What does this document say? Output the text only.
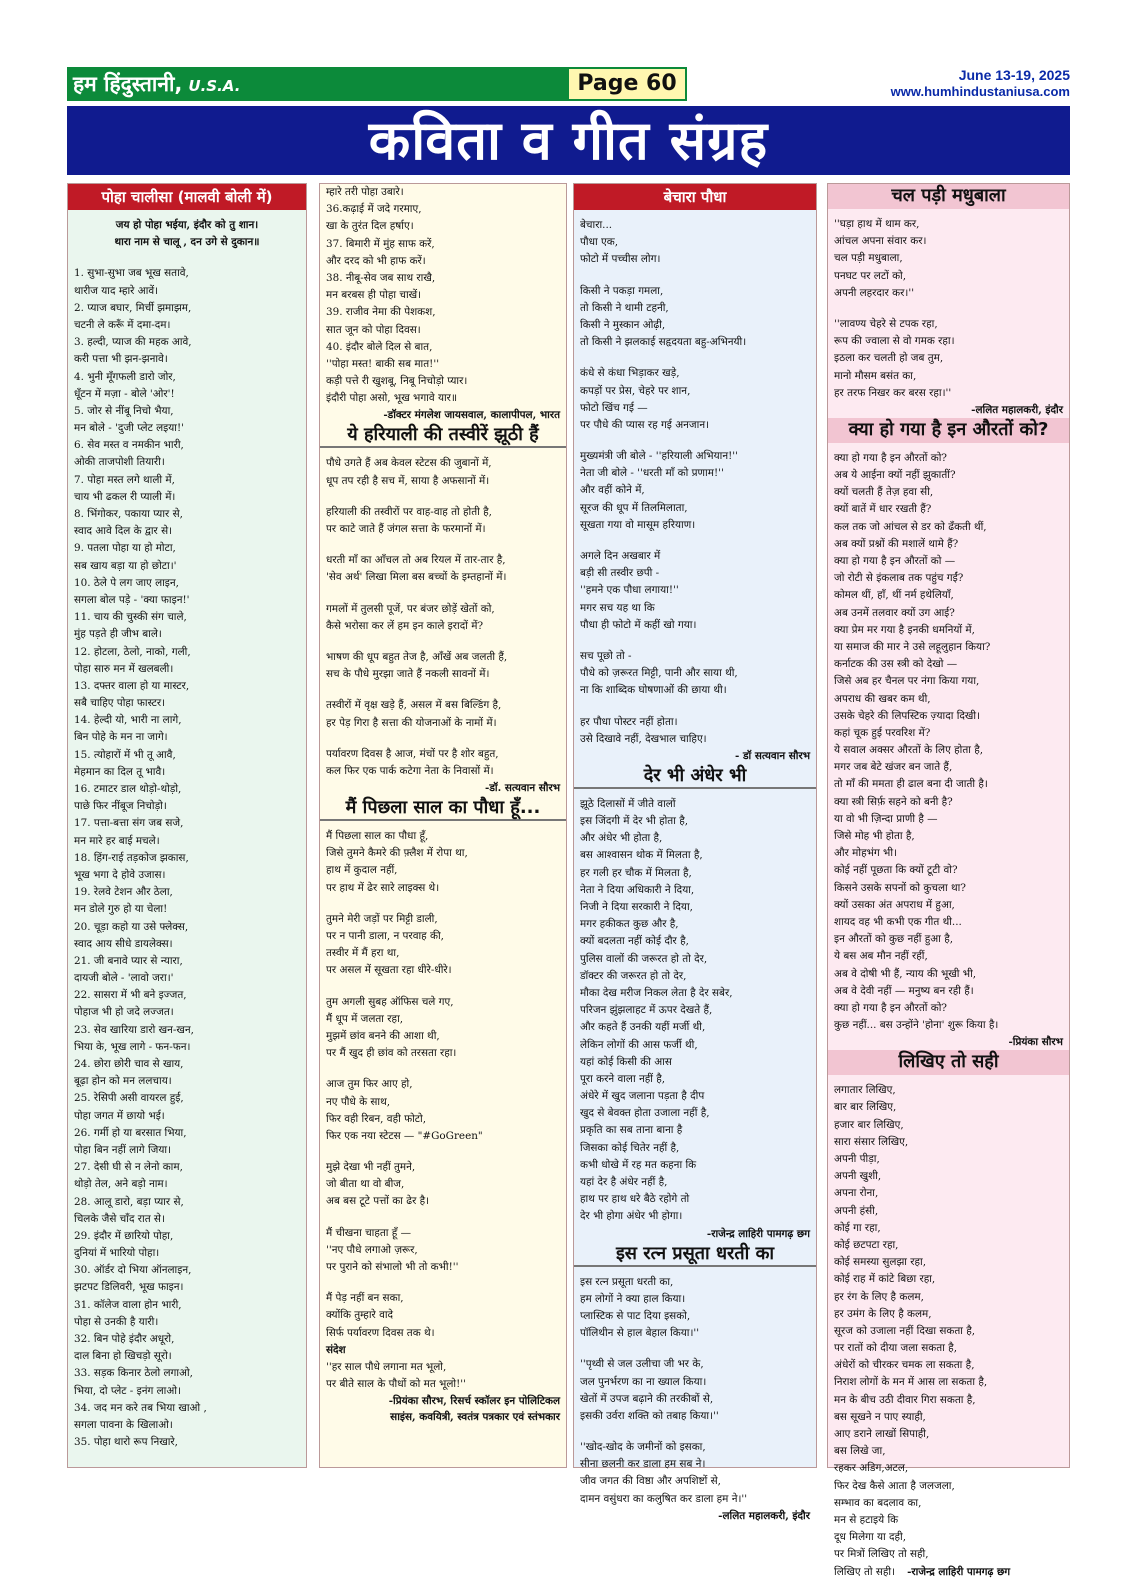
हम हिंदुस्तानी, U.S.A.	Page 60	June 13-19, 2025
www.humhindustaniusa.com
कविता व गीत संग्रह
पोहा चालीसा (मालवी बोली में)
जय हो पोहा भईया, इंदौर को तु शान।
थारा नाम से चालू , दन उगे से दुकान॥
1. सुभा-सुभा जब भूख सतावे,
थारीज याद म्हारे आवें।
2. प्याज बघार, मिर्ची झमाझम,
चटनी ले करूँ में दमा-दम।
3. हल्दी, प्याज की महक आवे,
करी पत्ता भी झन-झनावे।
4. भुनी मूँगफली डारो जोर,
धूँटन में मज़ा - बोले 'ओर'!
5. जोर से नींबू निचो भैया,
मन बोले - 'दुजी प्लेट लइया!'
6. सेव मस्त व नमकीन भारी,
ओकी ताजपोशी तियारी।
7. पोहा मस्त लगे थाली में,
चाय भी ढकल री प्याली में।
8. भिंगोकर, पकाया प्यार से,
स्वाद आवे दिल के द्वार से।
9. पतला पोहा या हो मोटा,
सब खाय बड़ा या हो छोटा।'
10. ठेले पे लग जाए लाइन,
सगला बोल पड़े - 'क्या फाइन!'
11. चाय की चुस्की संग चाले,
मुंह पड़ते ही जीभ बाले।
12. होटला, ठेलो, नाको, गली,
पोहा सारु मन में खलबली।
13. दफ्तर वाला हो या मास्टर,
सबै चाहिए पोहा फास्टर।
14. हेल्दी यो, भारी ना लागे,
बिन पोहे के मन ना जागे।
15. त्योहारों में भी तू आवै,
मेहमान का दिल तू भावै।
16. टमाटर डाल थोड़ो-थोड़ो,
पाछे फिर नींबूज निचोड़ो।
17. पत्ता-बत्ता संग जब सजे,
मन मारे हर बाई मचले।
18. हिंग-राई तड़कोज झकास,
भूख भगा दे होवे उजास।
19. रेलवे टेशन और ठेला,
मन डोले गुरु हो या चेला!
20. चूड़ा कहो या उसे फ्लेक्स,
स्वाद आय सीधे डायलेक्स।
21. जी बनावे प्यार से न्यारा,
दायजी बोले - 'लावो जरा।'
22. सासरा में भी बने इज्जत,
पोहाज भी हो जदे लज्जत।
23. सेव खारिया डारो खन-खन,
भिया के, भूख लागे - फन-फन।
24. छोरा छोरी चाव से खाय,
बूढ़ा होन को मन ललचाय।
25. रेसिपी असी वायरल हुई,
पोहा जगत में छायो भई।
26. गर्मी हो या बरसात भिया,
पोहा बिन नहीं लागे जिया।
27. देसी घी से न लेनो काम,
थोड़ो तेल, अने बड़ो नाम।
28. आलू डारो, बड़ा प्यार से,
चिलके जैसे चाँद रात से।
29. इंदौर में छारियो पोहा,
दुनियां में भारियो पोहा।
30. ऑर्डर दो भिया ऑनलाइन,
झटपट डिलिवरी, भूख फाइन।
31. कॉलेज वाला होन भारी,
पोहा से उनकी है यारी।
32. बिन पोहे इंदौर अधूरो,
दाल बिना हो खिचड़ो सूरो।
33. सड़क किनार ठेलो लगाओ,
भिया, दो प्लेट - इनंग लाओ।
34. जद मन करे तब भिया खाओ ,
सगला पावना के खिलाओ।
35. पोहा थारो रूप निखारे,
म्हारे तरी पोहा उबारे।
36.कढ़ाई में जदे गरमाए,
खा के तुरंत दिल हर्षाए।
37. बिमारी में मुंह साफ करें,
और दरद को भी हाफ करें।
38. नीबू-सेव जब साथ राखै,
मन बरबस ही पोहा चाखें।
39. राजीव नेमा की पेशकश,
सात जून को पोहा दिवस।
40. इंदौर बोले दिल से बात,
''पोहा मस्त! बाकी सब मात!''
कड़ी पत्ते री खुशबू, निबू निचोड़ो प्यार।
इंदौरी पोहा असो, भूख भगावे यार॥
-डॉक्टर मंगलेश जायसवाल, कालापीपल, भारत
ये हरियाली की तस्वीरें झूठी हैं
पौधे उगते हैं अब केवल स्टेटस की जुबानों में,
धूप तप रही है सच में, साया है अफसानों में।
हरियाली की तस्वीरों पर वाह-वाह तो होती है,
पर काटे जाते हैं जंगल सत्ता के फरमानों में।
धरती माँ का आँचल तो अब रियल में तार-तार है,
'सेव अर्थ' लिखा मिला बस बच्चों के इम्तहानों में।
गमलों में तुलसी पूजें, पर बंजर छोड़ें खेतों को,
कैसे भरोसा कर लें हम इन काले इरादों में?
भाषण की धूप बहुत तेज है, आँखें अब जलती हैं,
सच के पौधे मुरझा जाते हैं नकली सावनों में।
तस्वीरों में वृक्ष खड़े हैं, असल में बस बिल्डिंग है,
हर पेड़ गिरा है सत्ता की योजनाओं के नामों में।
पर्यावरण दिवस है आज, मंचों पर है शोर बहुत,
कल फिर एक पार्क कटेगा नेता के निवासों में।
-डॉ. सत्यवान सौरभ
मैं पिछला साल का पौधा हूँ...
मैं पिछला साल का पौधा हूँ,
जिसे तुमने कैमरे की फ़्लैश में रोपा था,
हाथ में कुदाल नहीं,
पर हाथ में ढेर सारे लाइक्स थे।
तुमने मेरी जड़ों पर मिट्टी डाली,
पर न पानी डाला, न परवाह की,
तस्वीर में मैं हरा था,
पर असल में सूखता रहा धीरे-धीरे।
तुम अगली सुबह ऑफिस चले गए,
मैं धूप में जलता रहा,
मुझमें छांव बनने की आशा थी,
पर मैं खुद ही छांव को तरसता रहा।
आज तुम फिर आए हो,
नए पौधे के साथ,
फिर वही रिबन, वही फोटो,
फिर एक नया स्टेटस — "#GoGreen"
मुझे देखा भी नहीं तुमने,
जो बीता था वो बीज,
अब बस टूटे पत्तों का ढेर है।
मैं चीखना चाहता हूँ —
''नए पौधे लगाओ ज़रूर,
पर पुराने को संभालो भी तो कभी!''
मैं पेड़ नहीं बन सका,
क्योंकि तुम्हारे वादे
सिर्फ पर्यावरण दिवस तक थे।
संदेश
''हर साल पौधे लगाना मत भूलो,
पर बीते साल के पौधों को मत भूलो!''
-प्रियंका सौरभ, रिसर्च स्कॉलर इन पोलिटिकल
साइंस, कवयित्री, स्वतंत्र पत्रकार एवं स्तंभकार
बेचारा पौधा
बेचारा...
पौधा एक,
फोटो में पच्चीस लोग।
किसी ने पकड़ा गमला,
तो किसी ने थामी टहनी,
किसी ने मुस्कान ओढ़ी,
तो किसी ने झलकाई सहृदयता बहु-अभिनयी।
कंधे से कंधा भिड़ाकर खड़े,
कपड़ों पर प्रेस, चेहरे पर शान,
फोटो खिंच गई —
पर पौधे की प्यास रह गई अनजान।
मुख्यमंत्री जी बोले - ''हरियाली अभियान!''
नेता जी बोले - ''धरती माँ को प्रणाम!''
और वहीं कोने में,
सूरज की धूप में तिलमिलाता,
सूखता गया वो मासूम हरियाण।
अगले दिन अखबार में
बड़ी सी तस्वीर छपी -
''हमने एक पौधा लगाया!''
मगर सच यह था कि
पौधा ही फोटो में कहीं खो गया।
सच पूछो तो -
पौधे को ज़रूरत मिट्टी, पानी और साया थी,
ना कि शाब्दिक घोषणाओं की छाया थी।
हर पौधा पोस्टर नहीं होता।
उसे दिखावे नहीं, देखभाल चाहिए।
- डॉ सत्यवान सौरभ
देर भी अंधेर भी
झूठे दिलासों में जीते वालों
इस जिंदगी में देर भी होता है,
और अंधेर भी होता है,
बस आश्वासन थोक में मिलता है,
हर गली हर चौक में मिलता है,
नेता ने दिया अधिकारी ने दिया,
निजी ने दिया सरकारी ने दिया,
मगर हकीकत कुछ और है,
क्यों बदलता नहीं कोई दौर है,
पुलिस वालों की जरूरत हो तो देर,
डॉक्टर की जरूरत हो तो देर,
मौका देख मरीज निकल लेता है देर सबेर,
परिजन झुंझलाहट में ऊपर देखते हैं,
और कहते हैं उनकी यहीं मर्जी थी,
लेकिन लोगों की आस फर्जी थी,
यहां कोई किसी की आस
पूरा करने वाला नहीं है,
अंधेरे में खुद जलाना पड़ता है दीप
खुद से बेवक्त होता उजाला नहीं है,
प्रकृति का सब ताना बाना है
जिसका कोई चितेर नहीं है,
कभी धोखे में रह मत कहना कि
यहां देर है अंधेर नहीं है,
हाथ पर हाथ धरे बैठे रहोगे तो
देर भी होगा अंधेर भी होगा।
-राजेन्द्र लाहिरी पामगढ़ छग
इस रत्न प्रसूता धरती का
इस रत्न प्रसूता धरती का,
हम लोगों ने क्या हाल किया।
प्लास्टिक से पाट दिया इसको,
पॉलिथीन से हाल बेहाल किया।''
''पृथ्वी से जल उलीचा जी भर के,
जल पुनर्भरण का ना ख्याल किया।
खेतों में उपज बढ़ाने की तरकीबों से,
इसकी उर्वरा शक्ति को तबाह किया।''
''खोद-खोद के जमीनों को इसका,
सीना छलनी कर डाला हम सब ने।
जीव जगत की विष्ठा और अपशिष्टों से,
दामन वसुंधरा का कलुषित कर डाला हम ने।''
-ललित महालकरी, इंदौर
चल पड़ी मधुबाला
''घड़ा हाथ में थाम कर,
आंचल अपना संवार कर।
चल पड़ी मधुबाला,
पनघट पर लटों को,
अपनी लहरदार कर।''
''लावण्य चेहरे से टपक रहा,
रूप की ज्वाला से वो गमक रहा।
इठला कर चलती हो जब तुम,
मानो मौसम बसंत का,
हर तरफ निखर कर बरस रहा।''
-ललित महालकरी, इंदौर
क्या हो गया है इन औरतों को?
क्या हो गया है इन औरतों को?
अब ये आईना क्यों नहीं झुकातीं?
क्यों चलती हैं तेज़ हवा सी,
क्यों बातें में धार रखती हैं?
कल तक जो आंचल से डर को ढँकती थीं,
अब क्यों प्रश्नों की मशालें थामे हैं?
क्या हो गया है इन औरतों को —
जो रोटी से इंकलाब तक पहुंच गईं?
कोमल थीं, हाँ, थीं नर्म हथेलियाँ,
अब उनमें तलवार क्यों उग आई?
क्या प्रेम मर गया है इनकी धमनियों में,
या समाज की मार ने उसे लहूलुहान किया?
कर्नाटक की उस स्त्री को देखो —
जिसे अब हर चैनल पर नंगा किया गया,
अपराध की खबर कम थी,
उसके चेहरे की लिपस्टिक ज़्यादा दिखी।
कहां चूक हुई परवरिश में?
ये सवाल अक्सर औरतों के लिए होता है,
मगर जब बेटे खंजर बन जाते हैं,
तो माँ की ममता ही ढाल बना दी जाती है।
क्या स्त्री सिर्फ़ सहने को बनी है?
या वो भी ज़िन्दा प्राणी है —
जिसे मोह भी होता है,
और मोहभंग भी।
कोई नहीं पूछता कि क्यों टूटी वो?
किसने उसके सपनों को कुचला था?
क्यों उसका अंत अपराध में हुआ,
शायद वह भी कभी एक गीत थी...
इन औरतों को कुछ नहीं हुआ है,
ये बस अब मौन नहीं रहीं,
अब वे दोषी भी हैं, न्याय की भूखी भी,
अब वे देवी नहीं — मनुष्य बन रही हैं।
क्या हो गया है इन औरतों को?
कुछ नहीं... बस उन्होंने 'होना' शुरू किया है।
-प्रियंका सौरभ
लिखिए तो सही
लगातार लिखिए,
बार बार लिखिए,
हजार बार लिखिए,
सारा संसार लिखिए,
अपनी पीड़ा,
अपनी खुशी,
अपना रोना,
अपनी हंसी,
कोई गा रहा,
कोई छटपटा रहा,
कोई समस्या सुलझा रहा,
कोई राह में कांटे बिछा रहा,
हर रंग के लिए है कलम,
हर उमंग के लिए है कलम,
सूरज को उजाला नहीं दिखा सकता है,
पर रातों को दीया जला सकता है,
अंधेरों को चीरकर चमक ला सकता है,
निराश लोगों के मन में आस ला सकता है,
मन के बीच उठी दीवार गिरा सकता है,
बस सूखने न पाए स्याही,
आए डराने लाखों सिपाही,
बस लिखे जा,
रहकर अडिग,अटल,
फिर देख कैसे आता है जलजला,
सम्भाव का बदलाव का,
मन से हटाइये कि
दूध मिलेगा या दही,
पर मित्रों लिखिए तो सही,
लिखिए तो सही। -राजेन्द्र लाहिरी पामगढ़ छग
